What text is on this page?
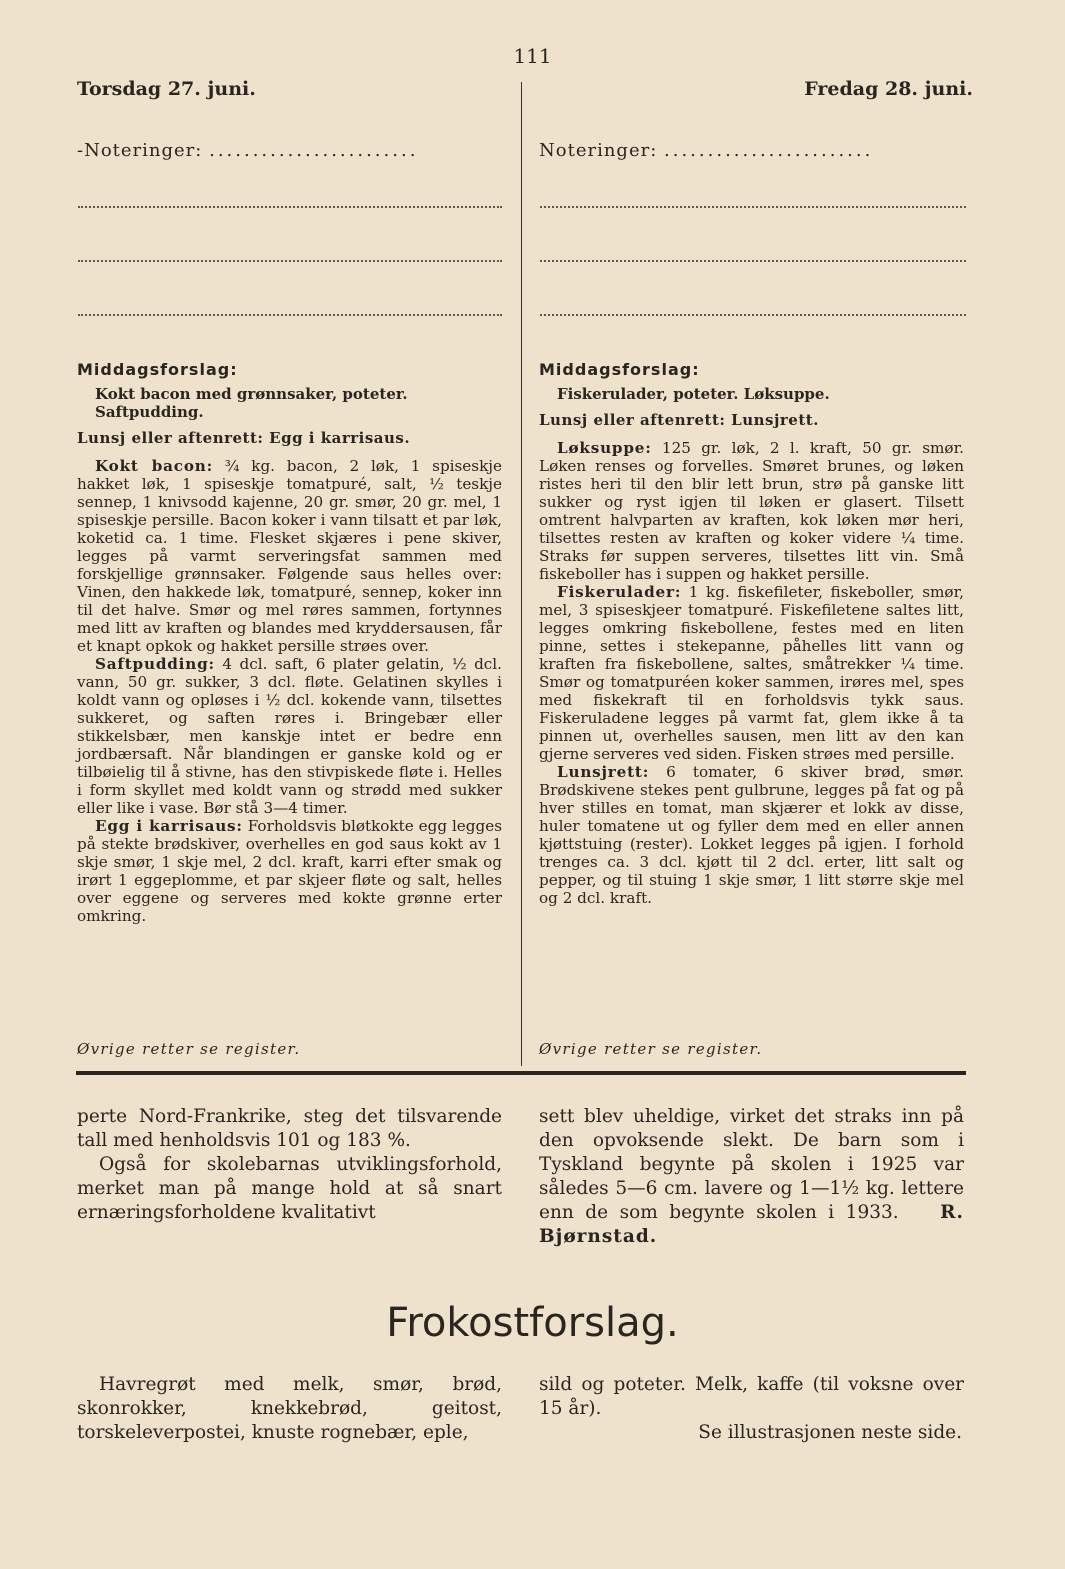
111
Torsdag 27. juni.	Fredag 28. juni.
-Noteringer: ........................	Noteringer: ........................
Middagsforslag:
Kokt bacon med grønnsaker, poteter. Saftpudding.
Lunsj eller aftenrett: Egg i karrisaus.

Kokt bacon: ¾ kg. bacon, 2 løk, 1 spiseskje hakket løk, 1 spiseskje tomatpuré, salt, ½ teskje sennep, 1 knivsodd kajenne, 20 gr. smør, 20 gr. mel, 1 spiseskje persille. Bacon koker i vann tilsatt et par løk, koketid ca. 1 time. Flesket skjæres i pene skiver, legges på varmt serveringsfat sammen med forskjellige grønnsaker. Følgende saus helles over: Vinen, den hakkede løk, tomatpuré, sennep, koker inn til det halve. Smør og mel røres sammen, fortynnes med litt av kraften og blandes med kryddersausen, får et knapt opkok og hakket persille strøes over.

Saftpudding: 4 dcl. saft, 6 plater gelatin, ½ dcl. vann, 50 gr. sukker, 3 dcl. fløte. Gelatinen skylles i koldt vann og opløses i ½ dcl. kokende vann, tilsettes sukkeret, og saften røres i. Bringebær eller stikkelsbær, men kanskje intet er bedre enn jordbærsaft. Når blandingen er ganske kold og er tilbøielig til å stivne, has den stivpiskede fløte i. Helles i form skyllet med koldt vann og strødd med sukker eller like i vase. Bør stå 3—4 timer.

Egg i karrisaus: Forholdsvis bløtkokte egg legges på stekte brødskiver, overhelles en god saus kokt av 1 skje smør, 1 skje mel, 2 dcl. kraft, karri efter smak og irørt 1 eggeplomme, et par skjeer fløte og salt, helles over eggene og serveres med kokte grønne erter omkring.

Øvrige retter se register.
Middagsforslag:
Fiskerulader, poteter. Løksuppe.
Lunsj eller aftenrett: Lunsjrett.

Løksuppe: 125 gr. løk, 2 l. kraft, 50 gr. smør. Løken renses og forvelles. Smøret brunes, og løken ristes heri til den blir lett brun, strø på ganske litt sukker og ryst igjen til løken er glasert. Tilsett omtrent halvparten av kraften, kok løken mør heri, tilsettes resten av kraften og koker videre ¼ time. Straks før suppen serveres, tilsettes litt vin. Små fiskeboller has i suppen og hakket persille.

Fiskerulader: 1 kg. fiskefileter, fiskeboller, smør, mel, 3 spiseskjeer tomatpuré. Fiskefiletene saltes litt, legges omkring fiskebollene, festes med en liten pinne, settes i stekepanne, påhelles litt vann og kraften fra fiskebollene, saltes, småtrekker ¼ time. Smør og tomatpuréen koker sammen, irøres mel, spes med fiskekraft til en forholdsvis tykk saus. Fiskeruladene legges på varmt fat, glem ikke å ta pinnen ut, overhelles sausen, men litt av den kan gjerne serveres ved siden. Fisken strøes med persille.

Lunsjrett: 6 tomater, 6 skiver brød, smør. Brødskivene stekes pent gulbrune, legges på fat og på hver stilles en tomat, man skjærer et lokk av disse, huler tomatene ut og fyller dem med en eller annen kjøttstuing (rester). Lokket legges på igjen. I forhold trenges ca. 3 dcl. kjøtt til 2 dcl. erter, litt salt og pepper, og til stuing 1 skje smør, 1 litt større skje mel og 2 dcl. kraft.

Øvrige retter se register.

perte Nord-Frankrike, steg det tilsvarende tall med henholdsvis 101 og 183 %.

Også for skolebarnas utviklingsforhold, merket man på mange hold at så snart ernæringsforholdene kvalitativt

sett blev uheldige, virket det straks inn på den opvoksende slekt. De barn som i Tyskland begynte på skolen i 1925 var således 5—6 cm. lavere og 1—1½ kg. lettere enn de som begynte skolen i 1933. R. Bjørnstad.

Frokostforslag.

Havregrøt med melk, smør, brød, skonrokker, knekkebrød, geitost, torskeleverpostei, knuste rognebær, eple,

sild og poteter. Melk, kaffe (til voksne over 15 år).

Se illustrasjonen neste side.
